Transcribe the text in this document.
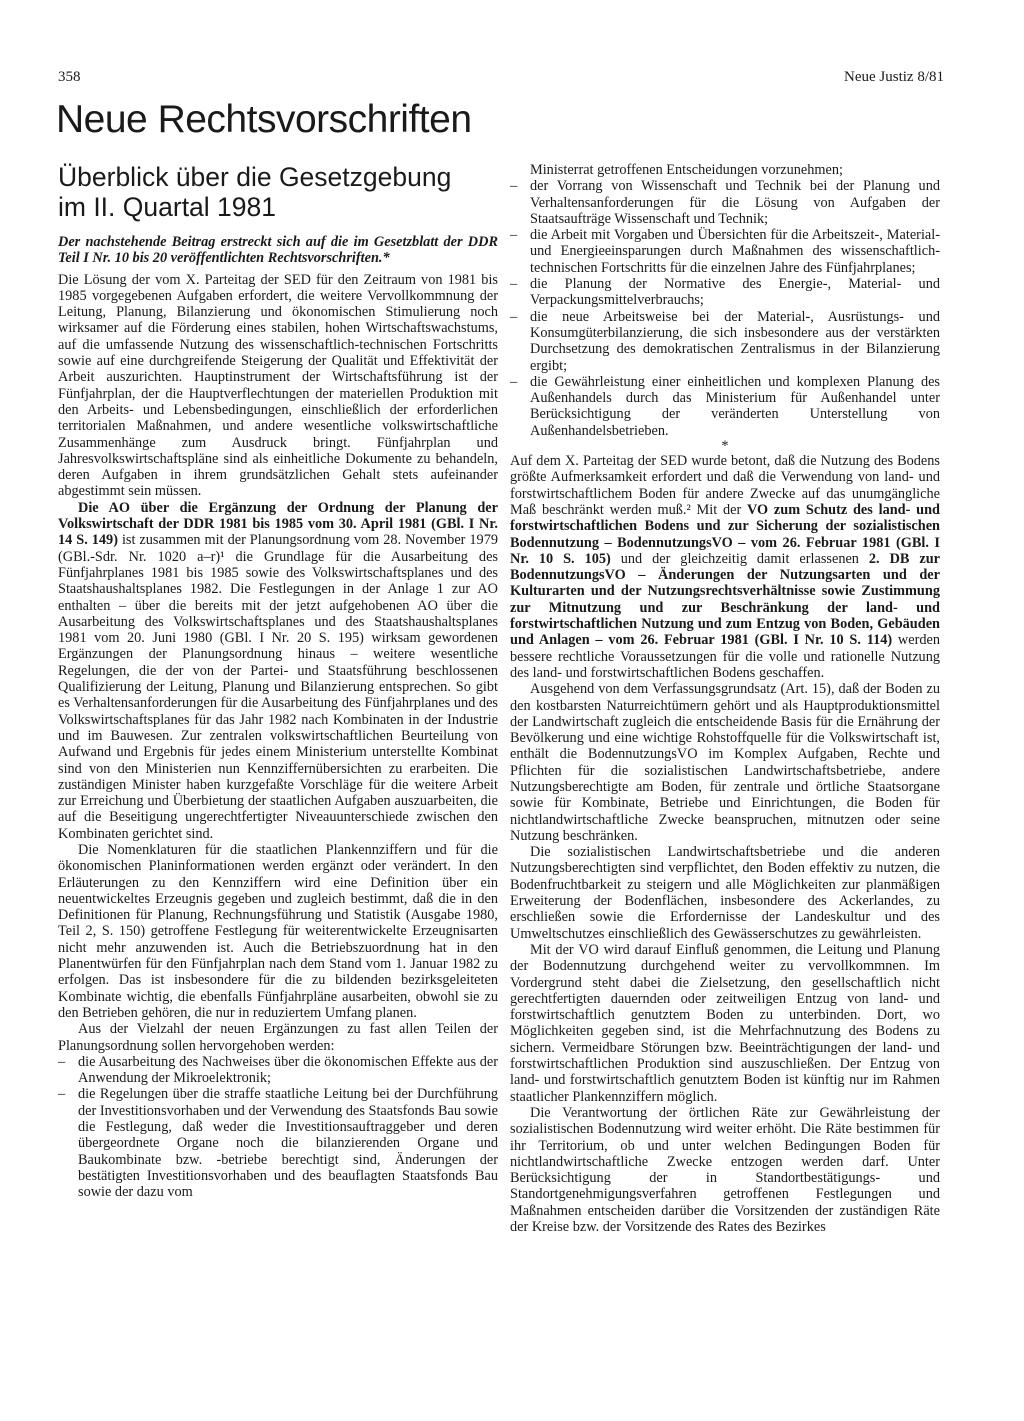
358	Neue Justiz 8/81
Neue Rechtsvorschriften
Überblick über die Gesetzgebung
im II. Quartal 1981

Der nachstehende Beitrag erstreckt sich auf die im Gesetzblatt der DDR Teil I Nr. 10 bis 20 veröffentlichten Rechtsvorschriften.*

Die Lösung der vom X. Parteitag der SED für den Zeitraum von 1981 bis 1985 vorgegebenen Aufgaben erfordert, die weitere Vervollkommnung der Leitung, Planung, Bilanzierung und ökonomischen Stimulierung noch wirksamer auf die Förderung eines stabilen, hohen Wirtschaftswachstums, auf die umfassende Nutzung des wissenschaftlich-technischen Fortschritts sowie auf eine durchgreifende Steigerung der Qualität und Effektivität der Arbeit auszurichten. Hauptinstrument der Wirtschaftsführung ist der Fünfjahrplan, der die Hauptverflechtungen der materiellen Produktion mit den Arbeits- und Lebensbedingungen, einschließlich der erforderlichen territorialen Maßnahmen, und andere wesentliche volkswirtschaftliche Zusammenhänge zum Ausdruck bringt. Fünfjahrplan und Jahresvolkswirtschaftspläne sind als einheitliche Dokumente zu behandeln, deren Aufgaben in ihrem grundsätzlichen Gehalt stets aufeinander abgestimmt sein müssen.

Die AO über die Ergänzung der Ordnung der Planung der Volkswirtschaft der DDR 1981 bis 1985 vom 30. April 1981 (GBl. I Nr. 14 S. 149) ist zusammen mit der Planungsordnung vom 28. November 1979 (GBl.-Sdr. Nr. 1020 a–r)¹ die Grundlage für die Ausarbeitung des Fünfjahrplanes 1981 bis 1985 sowie des Volkswirtschaftsplanes und des Staatshaushaltsplanes 1982. Die Festlegungen in der Anlage 1 zur AO enthalten – über die bereits mit der jetzt aufgehobenen AO über die Ausarbeitung des Volkswirtschaftsplanes und des Staatshaushaltsplanes 1981 vom 20. Juni 1980 (GBl. I Nr. 20 S. 195) wirksam gewordenen Ergänzungen der Planungsordnung hinaus – weitere wesentliche Regelungen, die der von der Partei- und Staatsführung beschlossenen Qualifizierung der Leitung, Planung und Bilanzierung entsprechen. So gibt es Verhaltensanforderungen für die Ausarbeitung des Fünfjahrplanes und des Volkswirtschaftsplanes für das Jahr 1982 nach Kombinaten in der Industrie und im Bauwesen. Zur zentralen volkswirtschaftlichen Beurteilung von Aufwand und Ergebnis für jedes einem Ministerium unterstellte Kombinat sind von den Ministerien nun Kennziffernübersichten zu erarbeiten. Die zuständigen Minister haben kurzgefaßte Vorschläge für die weitere Arbeit zur Erreichung und Überbietung der staatlichen Aufgaben auszuarbeiten, die auf die Beseitigung ungerechtfertigter Niveauunterschiede zwischen den Kombinaten gerichtet sind.

Die Nomenklaturen für die staatlichen Plankennziffern und für die ökonomischen Planinformationen werden ergänzt oder verändert. In den Erläuterungen zu den Kennziffern wird eine Definition über ein neuentwickeltes Erzeugnis gegeben und zugleich bestimmt, daß die in den Definitionen für Planung, Rechnungsführung und Statistik (Ausgabe 1980, Teil 2, S. 150) getroffene Festlegung für weiterentwickelte Erzeugnisarten nicht mehr anzuwenden ist. Auch die Betriebszuordnung hat in den Planentwürfen für den Fünfjahrplan nach dem Stand vom 1. Januar 1982 zu erfolgen. Das ist insbesondere für die zu bildenden bezirksgeleiteten Kombinate wichtig, die ebenfalls Fünfjahrpläne ausarbeiten, obwohl sie zu den Betrieben gehören, die nur in reduziertem Umfang planen.

Aus der Vielzahl der neuen Ergänzungen zu fast allen Teilen der Planungsordnung sollen hervorgehoben werden:

– die Ausarbeitung des Nachweises über die ökonomischen Effekte aus der Anwendung der Mikroelektronik;
– die Regelungen über die straffe staatliche Leitung bei der Durchführung der Investitionsvorhaben und der Verwendung des Staatsfonds Bau sowie die Festlegung, daß weder die Investitionsauftraggeber und deren übergeordnete Organe noch die bilanzierenden Organe und Baukombinate bzw. -betriebe berechtigt sind, Änderungen der bestätigten Investitionsvorhaben und des beauflagten Staatsfonds Bau sowie der dazu vom
Ministerrat getroffenen Entscheidungen vorzunehmen;
– der Vorrang von Wissenschaft und Technik bei der Planung und Verhaltensanforderungen für die Lösung von Aufgaben der Staatsaufträge Wissenschaft und Technik;
– die Arbeit mit Vorgaben und Übersichten für die Arbeitszeit-, Material- und Energieeinsparungen durch Maßnahmen des wissenschaftlich-technischen Fortschritts für die einzelnen Jahre des Fünfjahrplanes;
– die Planung der Normative des Energie-, Material- und Verpackungsmittelverbrauchs;
– die neue Arbeitsweise bei der Material-, Ausrüstungs- und Konsumgüterbilanzierung, die sich insbesondere aus der verstärkten Durchsetzung des demokratischen Zentralismus in der Bilanzierung ergibt;
– die Gewährleistung einer einheitlichen und komplexen Planung des Außenhandels durch das Ministerium für Außenhandel unter Berücksichtigung der veränderten Unterstellung von Außenhandelsbetrieben.

*

Auf dem X. Parteitag der SED wurde betont, daß die Nutzung des Bodens größte Aufmerksamkeit erfordert und daß die Verwendung von land- und forstwirtschaftlichem Boden für andere Zwecke auf das unumgängliche Maß beschränkt werden muß.² Mit der VO zum Schutz des land- und forstwirtschaftlichen Bodens und zur Sicherung der sozialistischen Bodennutzung – BodennutzungsVO – vom 26. Februar 1981 (GBl. I Nr. 10 S. 105) und der gleichzeitig damit erlassenen 2. DB zur BodennutzungsVO – Änderungen der Nutzungsarten und der Kulturarten und der Nutzungsrechtsverhältnisse sowie Zustimmung zur Mitnutzung und zur Beschränkung der land- und forstwirtschaftlichen Nutzung und zum Entzug von Boden, Gebäuden und Anlagen – vom 26. Februar 1981 (GBl. I Nr. 10 S. 114) werden bessere rechtliche Voraussetzungen für die volle und rationelle Nutzung des land- und forstwirtschaftlichen Bodens geschaffen.

Ausgehend von dem Verfassungsgrundsatz (Art. 15), daß der Boden zu den kostbarsten Naturreichtümern gehört und als Hauptproduktionsmittel der Landwirtschaft zugleich die entscheidende Basis für die Ernährung der Bevölkerung und eine wichtige Rohstoffquelle für die Volkswirtschaft ist, enthält die BodennutzungsVO im Komplex Aufgaben, Rechte und Pflichten für die sozialistischen Landwirtschaftsbetriebe, andere Nutzungsberechtigte am Boden, für zentrale und örtliche Staatsorgane sowie für Kombinate, Betriebe und Einrichtungen, die Boden für nichtlandwirtschaftliche Zwecke beanspruchen, mitnutzen oder seine Nutzung beschränken.

Die sozialistischen Landwirtschaftsbetriebe und die anderen Nutzungsberechtigten sind verpflichtet, den Boden effektiv zu nutzen, die Bodenfruchtbarkeit zu steigern und alle Möglichkeiten zur planmäßigen Erweiterung der Bodenflächen, insbesondere des Ackerlandes, zu erschließen sowie die Erfordernisse der Landeskultur und des Umweltschutzes einschließlich des Gewässerschutzes zu gewährleisten.

Mit der VO wird darauf Einfluß genommen, die Leitung und Planung der Bodennutzung durchgehend weiter zu vervollkommnen. Im Vordergrund steht dabei die Zielsetzung, den gesellschaftlich nicht gerechtfertigten dauernden oder zeitweiligen Entzug von land- und forstwirtschaftlich genutztem Boden zu unterbinden. Dort, wo Möglichkeiten gegeben sind, ist die Mehrfachnutzung des Bodens zu sichern. Vermeidbare Störungen bzw. Beeinträchtigungen der land- und forstwirtschaftlichen Produktion sind auszuschließen. Der Entzug von land- und forstwirtschaftlich genutztem Boden ist künftig nur im Rahmen staatlicher Plankennziffern möglich.

Die Verantwortung der örtlichen Räte zur Gewährleistung der sozialistischen Bodennutzung wird weiter erhöht. Die Räte bestimmen für ihr Territorium, ob und unter welchen Bedingungen Boden für nichtlandwirtschaftliche Zwecke entzogen werden darf. Unter Berücksichtigung der in Standortbestätigungs- und Standortgenehmigungsverfahren getroffenen Festlegungen und Maßnahmen entscheiden darüber die Vorsitzenden der zuständigen Räte der Kreise bzw. der Vorsitzende des Rates des Bezirkes
